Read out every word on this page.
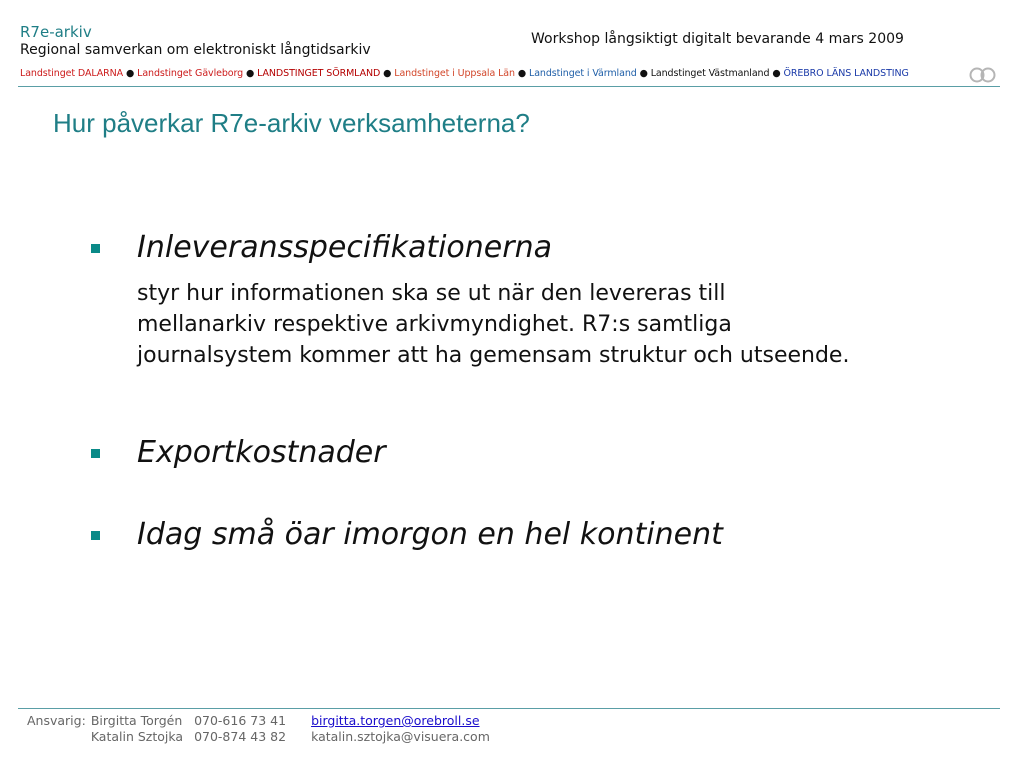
R7e-arkiv
Regional samverkan om elektroniskt långtidsarkiv
Workshop långsiktigt digitalt bevarande 4 mars 2009
Landstinget DALARNA ● Landstinget Gävleborg ● LANDSTINGET SÖRMLAND ● Landstinget i Uppsala Län ● Landstinget i Värmland ● Landstinget Västmanland ● ÖREBRO LÄNS LANDSTING
Hur påverkar R7e-arkiv verksamheterna?
Inleveransspecifikationerna
styr hur informationen ska se ut när den levereras till mellanarkiv respektive arkivmyndighet. R7:s samtliga journalsystem kommer att ha gemensam struktur och utseende.
Exportkostnader
Idag små öar imorgon en hel kontinent
Ansvarig:	Birgitta Torgén	070-616 73 41	birgitta.torgen@orebroll.se
	Katalin Sztojka	070-874 43 82	katalin.sztojka@visuera.com
